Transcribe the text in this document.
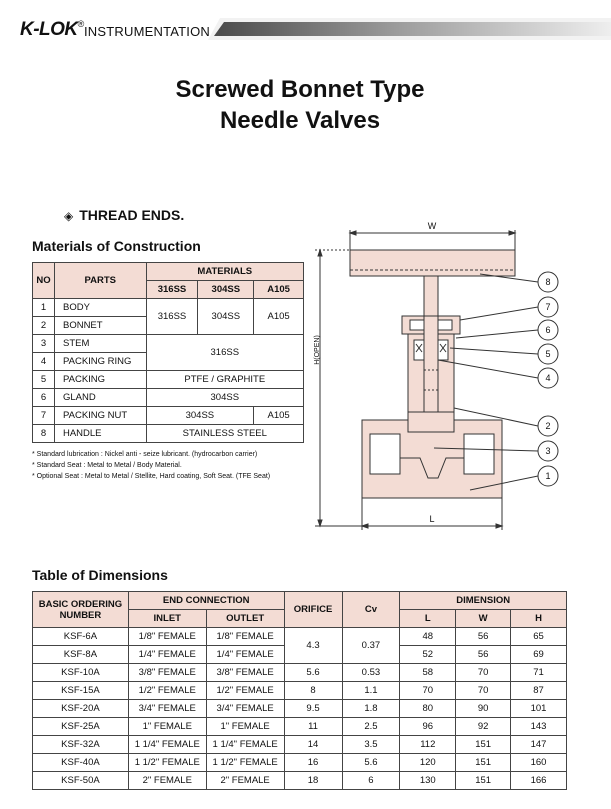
K-LOK® INSTRUMENTATION
Screwed Bonnet Type
Needle Valves
◈ THREAD ENDS.
Materials of Construction
NO	PARTS	MATERIALS		
		316SS	304SS	A105
1	BODY	316SS	304SS	A105
2	BONNET			
3	STEM	316SS		
4	PACKING RING			
5	PACKING	PTFE / GRAPHITE		
6	GLAND	304SS		
7	PACKING NUT	304SS		A105
8	HANDLE	STAINLESS STEEL		
* Standard lubrication : Nickel anti - seize lubricant. (hydrocarbon carrier)
* Standard Seat : Metal to Metal / Body Material.
* Optional Seat : Metal to Metal / Stellite, Hard coating, Soft Seat. (TFE Seat)
W
L
8
7
6
5
4
2
3
1
H(OPEN)
Table of Dimensions
BASIC ORDERING NUMBER	END CONNECTION		ORIFICE	Cv	DIMENSION		
	INLET	OUTLET			L	W	H
KSF-6A	1/8" FEMALE	1/8" FEMALE	4.3	0.37	48	56	65
KSF-8A	1/4" FEMALE	1/4" FEMALE			52	56	69
KSF-10A	3/8" FEMALE	3/8" FEMALE	5.6	0.53	58	70	71
KSF-15A	1/2" FEMALE	1/2" FEMALE	8	1.1	70	70	87
KSF-20A	3/4" FEMALE	3/4" FEMALE	9.5	1.8	80	90	101
KSF-25A	1" FEMALE	1" FEMALE	11	2.5	96	92	143
KSF-32A	1 1/4" FEMALE	1 1/4" FEMALE	14	3.5	112	151	147
KSF-40A	1 1/2" FEMALE	1 1/2" FEMALE	16	5.6	120	151	160
KSF-50A	2" FEMALE	2" FEMALE	18	6	130	151	166
